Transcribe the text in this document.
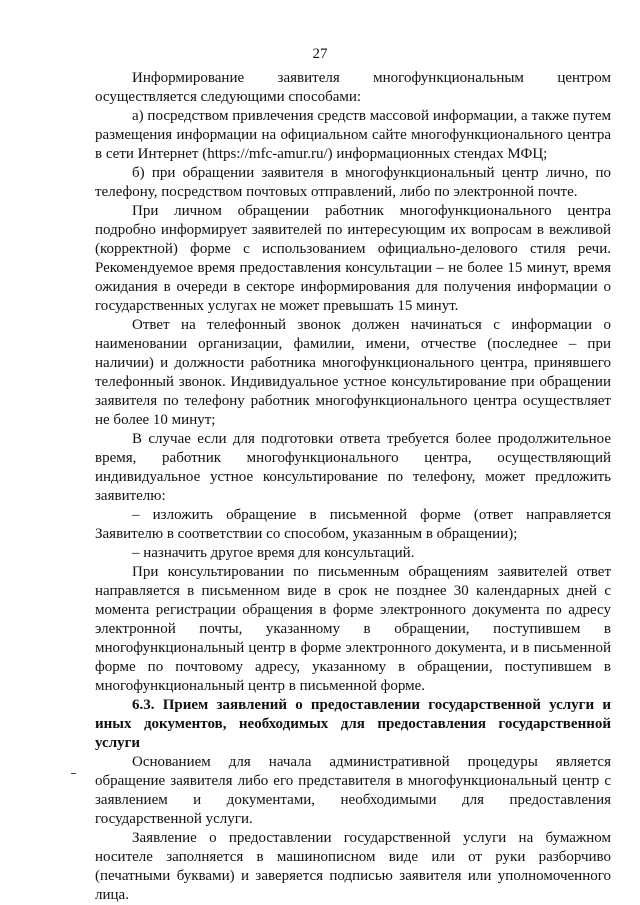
27

Информирование заявителя многофункциональным центром осуществляется следующими способами:

а) посредством привлечения средств массовой информации, а также путем размещения информации на официальном сайте многофункционального центра в сети Интернет (https://mfc-amur.ru/) информационных стендах МФЦ;

б) при обращении заявителя в многофункциональный центр лично, по телефону, посредством почтовых отправлений, либо по электронной почте.

При личном обращении работник многофункционального центра подробно информирует заявителей по интересующим их вопросам в вежливой (корректной) форме с использованием официально-делового стиля речи. Рекомендуемое время предоставления консультации – не более 15 минут, время ожидания в очереди в секторе информирования для получения информации о государственных услугах не может превышать 15 минут.

Ответ на телефонный звонок должен начинаться с информации о наименовании организации, фамилии, имени, отчестве (последнее – при наличии) и должности работника многофункционального центра, принявшего телефонный звонок. Индивидуальное устное консультирование при обращении заявителя по телефону работник многофункционального центра осуществляет не более 10 минут;

В случае если для подготовки ответа требуется более продолжительное время, работник многофункционального центра, осуществляющий индивидуальное устное консультирование по телефону, может предложить заявителю:

– изложить обращение в письменной форме (ответ направляется Заявителю в соответствии со способом, указанным в обращении);

– назначить другое время для консультаций.

При консультировании по письменным обращениям заявителей ответ направляется в письменном виде в срок не позднее 30 календарных дней с момента регистрации обращения в форме электронного документа по адресу электронной почты, указанному в обращении, поступившем в многофункциональный центр в форме электронного документа, и в письменной форме по почтовому адресу, указанному в обращении, поступившем в многофункциональный центр в письменной форме.

6.3. Прием заявлений о предоставлении государственной услуги и иных документов, необходимых для предоставления государственной услуги

Основанием для начала административной процедуры является обращение заявителя либо его представителя в многофункциональный центр с заявлением и документами, необходимыми для предоставления государственной услуги.

Заявление о предоставлении государственной услуги на бумажном носителе заполняется в машинописном виде или от руки разборчиво (печатными буквами) и заверяется подписью заявителя или уполномоченного лица.
